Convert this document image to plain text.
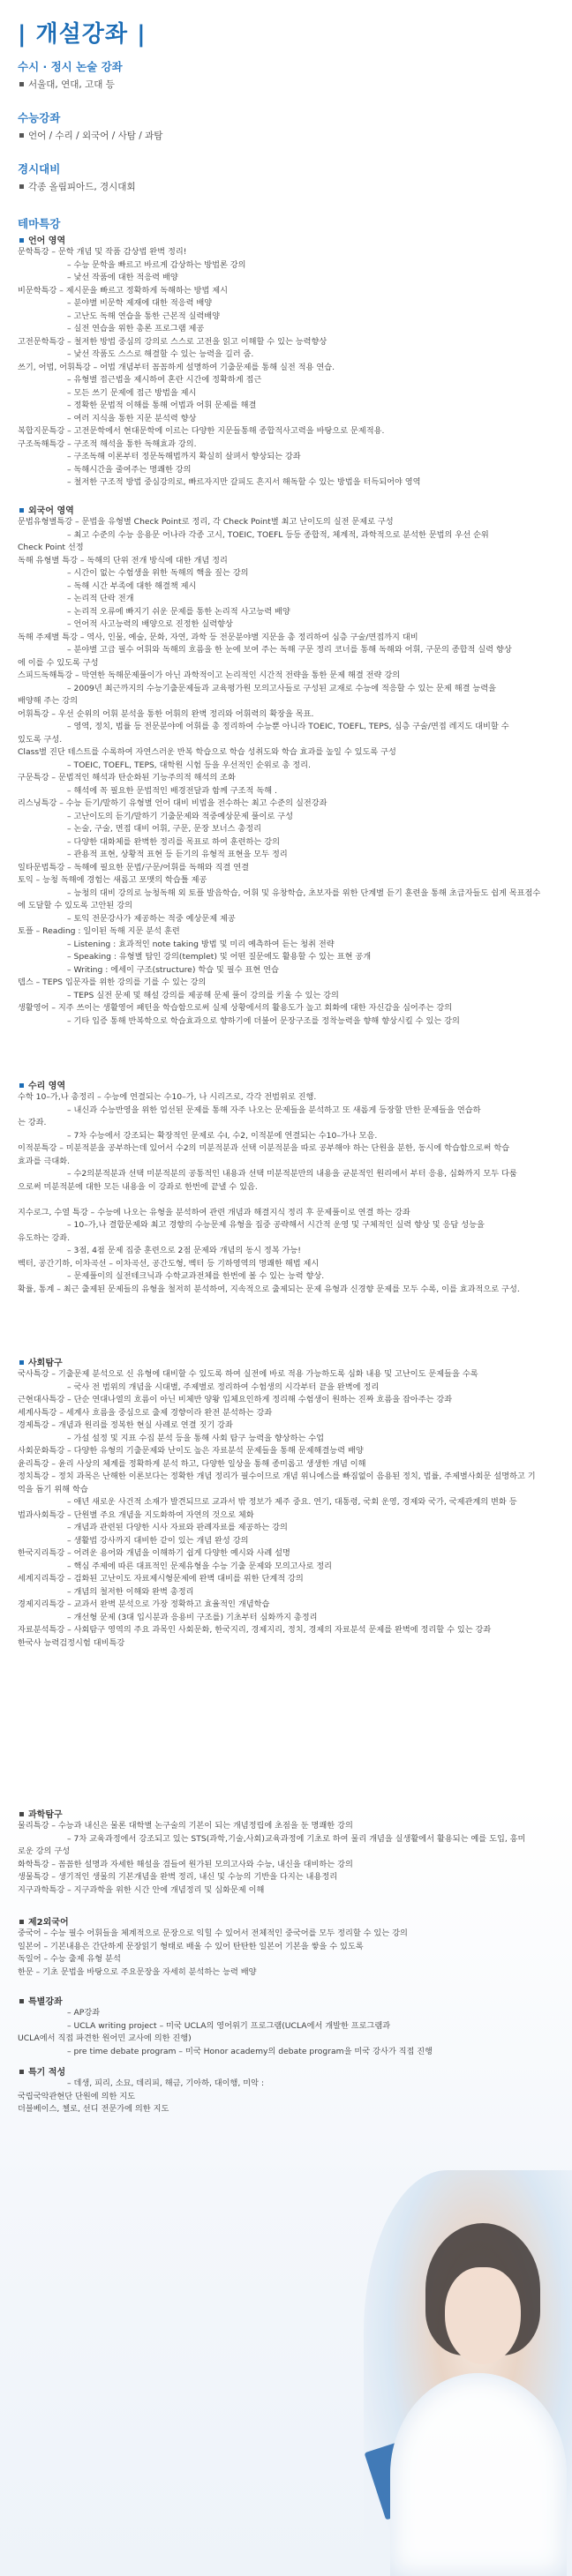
| 개설강좌 |
수시 · 정시 논술 강좌
서울대, 연대, 고대 등
수능강좌
언어 / 수리 / 외국어 / 사탐 / 과탐
경시대비
각종 올림피아드, 경시대회
테마특강
언어 영역
문학특강 – 문학 개념 및 작품 감상법 완벽 정리!
– 수능 문학을 빠르고 바르게 감상하는 방법론 강의
– 낯선 작품에 대한 적응력 배양
비문학특강 – 제시문을 빠르고 정확하게 독해하는 방법 제시
– 분야별 비문학 제재에 대한 적응력 배양
– 고난도 독해 연습을 통한 근본적 실력배양
– 실전 연습을 위한 총론 프로그램 제공
고전문학특강 – 철저한 방법 중심의 강의로 스스로 고전을 읽고 이해할 수 있는 능력향상
– 낯선 작품도 스스로 해결할 수 있는 능력을 길러 줌.
쓰기, 어법, 어휘특강 – 어법 개념부터 꼼꼼하게 설명하여 기출문제를 통해 실전 적용 연습.
– 유형별 접근법을 제시하여 혼란 시간에 정확하게 접근
– 모든 쓰기 문제에 접근 방법을 제시
– 정확한 문법적 이해를 통해 어법과 어휘 문제를 해결
– 여러 지식을 통한 지문 분석력 향상
복합지문특강 – 고전문학에서 현대문학에 이르는 다양한 지문들통해 종합적사고력을 바탕으로 문제적용.
구조독해특강 – 구조적 해석을 통한 독해효과 강의.
– 구조독해 이론부터 정문독해법까지 확실히 살펴서 향상되는 강좌
– 독해시간을 줄여주는 명쾌한 강의
– 철저한 구조적 방법 중심강의로, 빠르자지만 갈피도 흔지서 해독할 수 있는 방법을 터득되어야 영역
외국어 영역
문법유형별특강 – 문법을 유형별 Check Point로 정리, 각 Check Point별 최고 난이도의 실전 문제로 구성
– 최고 수준의 수능 응용문 어나라 각종 고시, TOEIC, TOEFL 등등 종합적, 체계적, 과학적으로 분석한 문법의 우선 순위
Check Point 선정
독해 유형별 특강 – 독해의 단위 전개 방식에 대한 개념 정리
– 시간이 없는 수험생을 위한 독해의 핵을 짚는 강의
– 독해 시간 부족에 대한 해결책 제시
– 논리적 단락 전개
– 논리적 오류에 빠지기 쉬운 문제를 통한 논리적 사고능력 배양
– 언어적 사고능력의 배양으로 진정한 실력향상
독해 주제별 특강 – 역사, 인물, 예술, 문화, 자연, 과학 등 전문분야별 지문을 총 정리하여 심층 구술/면접까지 대비
– 분야별 고급 필수 어휘와 독해의 흐름을 한 눈에 보여 주는 독해 구문 정리 코너를 통해 독해와 어휘, 구문의 종합적 실력 향상
에 이를 수 있도록 구성
스피드독해특강 – 막연한 독해문제풀이가 아닌 과학적이고 논리적인 시간적 전략을 통한 문제 해결 전략 강의
– 2009년 최근까지의 수능기출문제들과 교육평가원 모의고사들로 구성된 교재로 수능에 적응할 수 있는 문제 해결 능력을
배양해 주는 강의
어휘특강 – 우선 순위의 어휘 분석을 통한 어휘의 완벽 정리와 어휘력의 확장을 목표.
– 영역, 정치, 법률 등 전문분야에 어휘를 총 정리하여 수능뿐 아니라 TOEIC, TOEFL, TEPS, 심층 구술/면접 레지도 대비할 수
있도록 구성.
Class별 진단 테스트를 수록하여 자연스러운 반복 학습으로 학습 성취도와 학습 효과를 높일 수 있도록 구성
– TOEIC, TOEFL, TEPS, 대학원 시험 등을 우선적인 순위로 총 정리.
구문특강 – 문법적인 해석과 탄순화된 기능주의적 해석의 조화
– 해석에 꼭 필요한 문법적인 배경전달과 함께 구조적 독해 .
리스닝특강 – 수능 듣기/말하기 유형별 언어 대비 비법을 전수하는 최고 수준의 실전강좌
– 고난이도의 듣기/말하기 기출문제와 적중예상문제 풀이로 구성
– 논술, 구술, 면접 대비 어휘, 구문, 문장 보너스 총정리
– 다양한 대화체를 완벽한 정리를 목표로 하여 훈련하는 강의
– 관용적 표현, 상황적 표현 등 듣기의 유형적 표현을 모두 정리
일타문법특강 – 독해에 필요한 문법/구문/어휘를 독해와 직결 연결
토익 – 능청 독해에 경험는 새롭고 포맷의 학습틀 제공
– 능청의 대비 강의로 능청독해 외 토플 발음학습, 어휘 및 유창학습, 초보자를 위한 단계별 듣기 훈련을 통해 초급자들도 쉽게 목표점수
에 도달할 수 있도록 고안된 강의
– 토익 전문강사가 제공하는 적중 예상문제 제공
토플 – Reading : 일이된 독해 지문 분석 훈련
– Listening : 효과적인 note taking 방법 및 미리 예측하여 듣는 청취 전략
– Speaking : 유형별 탑인 강의(templet) 및 어떤 질문에도 활용할 수 있는 표현 공개
– Writing : 에세이 구조(structure) 학습 및 필수 표현 연습
텝스 – TEPS 입문자를 위한 강의를 기를 수 있는 강의
– TEPS 실전 문제 및 해설 강의를 제공해 문제 풀이 강의를 키울 수 있는 강의
생활영어 – 지주 쓰이는 생활영어 패턴을 학습함으로써 실제 상황에서의 활용도가 높고 회화에 대한 자신감을 심어주는 강의
– 기타 입증 통해 반복학으로 학습효과으로 향하기에 더불어 문장구조를 정착능력을 향해 향상시킬 수 있는 강의
수리 영역
수학 10–가,나 총정리 – 수능에 연결되는 수10–가, 나 시리즈로, 각각 전범위로 진행.
– 내신과 수능반영을 위한 엄선된 문제를 통해 자주 나오는 문제들을 분석하고 또 새롭게 등장할 만한 문제들을 연습하
는 강좌.
– 7차 수능에서 강조되는 확장적인 문제로 수I, 수2, 이적분에 연결되는 수10–가나 모음.
이적분특강 – 미분적분을 공부하는데 있어서 수2의 미분적분과 선택 이분적분을 따로 공부해야 하는 단원을 분한, 동시에 학습함으로써 학습
효과를 극대화.
– 수2의분적분과 선택 미분적분의 공통적인 내용과 선택 미분적분만의 내용을 균분적인 원리에서 부터 응용, 심화까지 모두 다룸
으로써 미분적분에 대한 모든 내용을 이 강좌로 한번에 끝낼 수 있음.
지수로그, 수열 특강 – 수능에 나오는 유형을 분석하여 관련 개념과 해결지식 정리 후 문제풀이로 연결 하는 강좌
– 10–가,나 결합문제와 최고 경향의 수능문제 유형을 집중 공략해서 시간적 운영 및 구체적인 실력 향상 및 응답 성능을
유도하는 강좌.
– 3점, 4점 문제 집중 훈련으로 2점 문제와 개념의 동시 정복 가능!
벡터, 공간기하, 이차곡선 – 이차곡선, 공간도형, 벡터 등 기하영역의 명쾌한 해법 제시
– 문제풀이의 실전테크닉과 수학교과전체를 한번에 볼 수 있는 능력 향상.
확률, 통계 – 최근 출제된 문제들의 유형을 철저히 분석하여, 지속적으로 출제되는 문제 유형과 신경향 문제를 모두 수록, 이를 효과적으로 구성.
사회탐구
국사특강 – 기출문제 분석으로 신 유형에 대비할 수 있도록 하여 실전에 바로 적용 가능하도록 심화 내용 및 고난이도 문제들을 수록
– 국사 전 범위의 개념을 시대별, 주제별로 정리하여 수험생의 시각부터 끝을 완벽에 정리
근현대사특강 – 단순 연대나열의 흐름이 아닌 비체반 양왕 입체요인하게 정리해 수험생이 원하는 진짜 흐름을 잡아주는 강좌
세계사특강 – 세계사 흐름을 중심으로 출제 경향이라 완전 분석하는 강좌
경제특강 – 개념과 원리를 정복한 현실 사례로 연결 짓기 강좌
– 가설 설정 및 지표 수집 분석 등을 통해 사회 탐구 능력을 향상하는 수업
사회문화특강 – 다양한 유형의 기출문제와 난이도 높은 자료분석 문제들을 통해 문제해결능력 배양
윤리특강 – 윤리 사상의 체계를 정확하게 분석 하고, 다양한 일상을 통해 종미롭고 생생한 개념 이해
정치특강 – 정치 과목은 난해한 이론보다는 정확한 개념 정리가 필수이므로 개념 위니에스를 빠짐없이 음용된 정치, 법률, 주제별사회문 설명하고 기
억을 돕기 위해 학습
– 애년 새로운 사건적 소재가 발견되므로 교과서 밖 정보가 제주 중요. 연기, 대통령, 국회 운영, 경제와 국가, 국제관계의 변화 등
법과사회특강 – 단원별 주요 개념을 지도화하여 자연의 것으로 체화
– 개념과 관련된 다양한 시사 자료와 판례자료를 제공하는 강의
– 생활법 강사까지 대비한 같이 있는 개념 완성 강의
한국지리특강 – 어려운 용어와 개념을 이해하기 쉽게 다양한 예시와 사례 설명
– 핵심 주제에 따른 대표적인 문제유형을 수능 기출 문제와 모의고사로 정리
세계지리특강 – 검화된 고난이도 자료제시형문제에 완벽 대비를 위한 단계적 강의
– 개념의 철저한 이해와 완벽 총정리
경제지리특강 – 교과서 완벽 분석으로 가장 정확하고 효율적인 개념학습
– 개선형 문제 (3대 입시분과 응용비 구조를) 기초부터 심화까지 총정리
자료분석특강 – 사회탐구 영역의 주요 과목인 사회문화, 한국지리, 경제지리, 정치, 경제의 자료분석 문제를 완벽에 정리할 수 있는 강좌
한국사 능력검정시험 대비특강
과학탐구
물리특강 – 수능과 내신은 물론 대학별 논구술의 기본이 되는 개념정립에 초점을 둔 명쾌한 강의
– 7차 교육과정에서 강조되고 있는 STS(과학,기술,사회)교육과정에 기초로 하여 물리 개념을 실생활에서 활용되는 예를 도입, 흥미
로운 강의 구성
화학특강 – 꼼꼼한 설명과 자세한 해설을 겸들여 원가된 모의고사와 수능, 내신을 대비하는 강의
생물특강 – 생기적인 생물의 기본개념을 완벽 정리, 내신 및 수능의 기반을 다지는 내용정리
지구과학특강 – 지구과학을 위한 시간 안에 개념정리 및 심화문제 이해
제2외국어
중국어 – 수능 필수 어휘들을 체계적으로 문장으로 익힐 수 있어서 전체적인 중국어를 모두 정리할 수 있는 강의
일본어 – 기본내용은 간단하게 문장읽기 형태로 배울 수 있어 탄탄한 일본어 기본을 쌓을 수 있도록
독일어 – 수능 출제 유형 분석
한문 – 기초 문법을 바탕으로 주요문장을 자세히 분석하는 능력 배양
특별강좌
– AP강좌
– UCLA writing project – 미국 UCLA의 영어위기 프로그램(UCLA에서 개발한 프로그램과
UCLA에서 직접 파견한 원어민 교사에 의한 진행)
– pre time debate program – 미국 Honor academy의 debate program을 미국 강사가 직접 진행
특기 적성
– 데생, 피리, 소묘, 데리피, 해금, 기아하, 대이행, 미악 :
국립국악관현단 단원에 의한 지도
더블베이스, 첼로, 선디 전문가에 의한 지도
